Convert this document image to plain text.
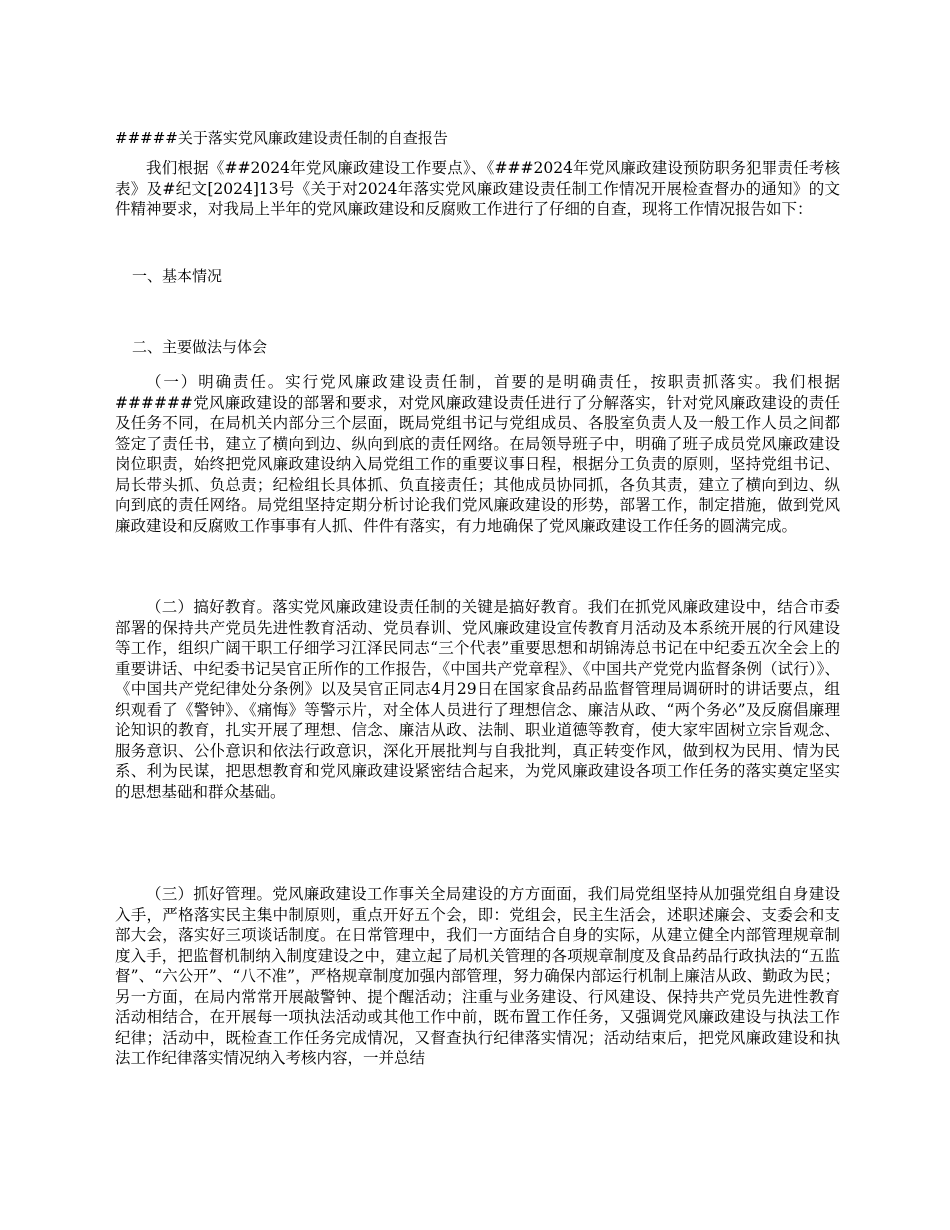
#####关于落实党风廉政建设责任制的自查报告

我们根据《##2024年党风廉政建设工作要点》、《###2024年党风廉政建设预防职务犯罪责任考核表》及#纪文[2024]13号《关于对2024年落实党风廉政建设责任制工作情况开展检查督办的通知》的文件精神要求，对我局上半年的党风廉政建设和反腐败工作进行了仔细的自查，现将工作情况报告如下：

一、基本情况
二、主要做法与体会

（一）明确责任。实行党风廉政建设责任制，首要的是明确责任，按职责抓落实。我们根据######党风廉政建设的部署和要求，对党风廉政建设责任进行了分解落实，针对党风廉政建设的责任及任务不同，在局机关内部分三个层面，既局党组书记与党组成员、各股室负责人及一般工作人员之间都签定了责任书，建立了横向到边、纵向到底的责任网络。在局领导班子中，明确了班子成员党风廉政建设岗位职责，始终把党风廉政建设纳入局党组工作的重要议事日程，根据分工负责的原则，坚持党组书记、局长带头抓、负总责；纪检组长具体抓、负直接责任；其他成员协同抓，各负其责，建立了横向到边、纵向到底的责任网络。局党组坚持定期分析讨论我们党风廉政建设的形势，部署工作，制定措施，做到党风廉政建设和反腐败工作事事有人抓、件件有落实，有力地确保了党风廉政建设工作任务的圆满完成。

（二）搞好教育。落实党风廉政建设责任制的关键是搞好教育。我们在抓党风廉政建设中，结合市委部署的保持共产党员先进性教育活动、党员春训、党风廉政建设宣传教育月活动及本系统开展的行风建设等工作，组织广阔干职工仔细学习江泽民同志“三个代表”重要思想和胡锦涛总书记在中纪委五次全会上的重要讲话、中纪委书记吴官正所作的工作报告，《中国共产党章程》、《中国共产党党内监督条例（试行）》、《中国共产党纪律处分条例》以及吴官正同志4月29日在国家食品药品监督管理局调研时的讲话要点，组织观看了《警钟》、《痛悔》等警示片，对全体人员进行了理想信念、廉洁从政、“两个务必”及反腐倡廉理论知识的教育，扎实开展了理想、信念、廉洁从政、法制、职业道德等教育，使大家牢固树立宗旨观念、服务意识、公仆意识和依法行政意识，深化开展批判与自我批判，真正转变作风，做到权为民用、情为民系、利为民谋，把思想教育和党风廉政建设紧密结合起来，为党风廉政建设各项工作任务的落实奠定坚实的思想基础和群众基础。

（三）抓好管理。党风廉政建设工作事关全局建设的方方面面，我们局党组坚持从加强党组自身建设入手，严格落实民主集中制原则，重点开好五个会，即：党组会，民主生活会，述职述廉会、支委会和支部大会，落实好三项谈话制度。在日常管理中，我们一方面结合自身的实际，从建立健全内部管理规章制度入手，把监督机制纳入制度建设之中，建立起了局机关管理的各项规章制度及食品药品行政执法的“五监督”、“六公开”、“八不准”，严格规章制度加强内部管理，努力确保内部运行机制上廉洁从政、勤政为民；另一方面，在局内常常开展敲警钟、提个醒活动；注重与业务建设、行风建设、保持共产党员先进性教育活动相结合，在开展每一项执法活动或其他工作中前，既布置工作任务，又强调党风廉政建设与执法工作纪律；活动中，既检查工作任务完成情况，又督查执行纪律落实情况；活动结束后，把党风廉政建设和执法工作纪律落实情况纳入考核内容，一并总结
